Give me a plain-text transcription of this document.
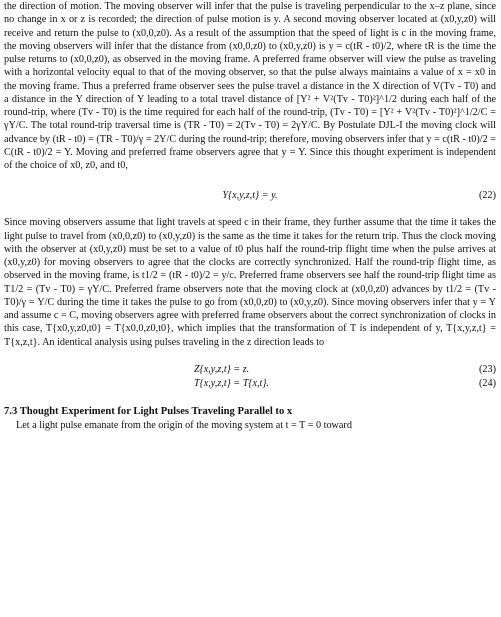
the direction of motion. The moving observer will infer that the pulse is traveling perpendicular to the x–z plane, since no change in x or z is recorded; the direction of pulse motion is y. A second moving observer located at (x0,y,z0) will receive and return the pulse to (x0,0,z0). As a result of the assumption that the speed of light is c in the moving frame, the moving observers will infer that the distance from (x0,0,z0) to (x0,y,z0) is y = c(tR - t0)/2, where tR is the time the pulse returns to (x0,0,z0), as observed in the moving frame. A preferred frame observer will view the pulse as traveling with a horizontal velocity equal to that of the moving observer, so that the pulse always maintains a value of x = x0 in the moving frame. Thus a preferred frame observer sees the pulse travel a distance in the X direction of V(Tv - T0) and a distance in the Y direction of Y leading to a total travel distance of [Y² + V²(Tv - T0)²]^1/2 during each half of the round-trip, where (Tv - T0) is the time required for each half of the round-trip, (Tv - T0) = [Y² + V²(Tv - T0)²]^1/2/C = γY/C. The total round-trip traversal time is (TR - T0) = 2(Tv - T0) = 2γY/C. By Postulate DJL-I the moving clock will advance by (tR - t0) = (TR - T0)/γ = 2Y/C during the round-trip; therefore, moving observers infer that y = c(tR - t0)/2 = C(tR - t0)/2 = Y. Moving and preferred frame observers agree that y = Y. Since this thought experiment is independent of the choice of x0, z0, and t0,

Y{x,y,z,t} = y.	(22)

Since moving observers assume that light travels at speed c in their frame, they further assume that the time it takes the light pulse to travel from (x0,0,z0) to (x0,y,z0) is the same as the time it takes for the return trip. Thus the clock moving with the observer at (x0,y,z0) must be set to a value of t0 plus half the round-trip flight time when the pulse arrives at (x0,y,z0) for moving observers to agree that the clocks are correctly synchronized. Half the round-trip flight time, as observed in the moving frame, is t1/2 = (tR - t0)/2 = y/c. Preferred frame observers see half the round-trip flight time as T1/2 = (Tv - T0) = γY/C. Preferred frame observers note that the moving clock at (x0,0,z0) advances by t1/2 = (Tv - T0)/γ = Y/C during the time it takes the pulse to go from (x0,0,z0) to (x0,y,z0). Since moving observers infer that y = Y and assume c = C, moving observers agree with preferred frame observers about the correct synchronization of clocks in this case, T{x0,y,z0,t0} = T{x0,0,z0,t0}, which implies that the transformation of T is independent of y, T{x,y,z,t} = T{x,z,t}. An identical analysis using pulses traveling in the z direction leads to

Z{x,y,z,t} = z.	(23)
T{x,y,z,t} = T{x,t}.	(24)
7.3 Thought Experiment for Light Pulses Traveling Parallel to x

Let a light pulse emanate from the origin of the moving system at t = T = 0 toward
